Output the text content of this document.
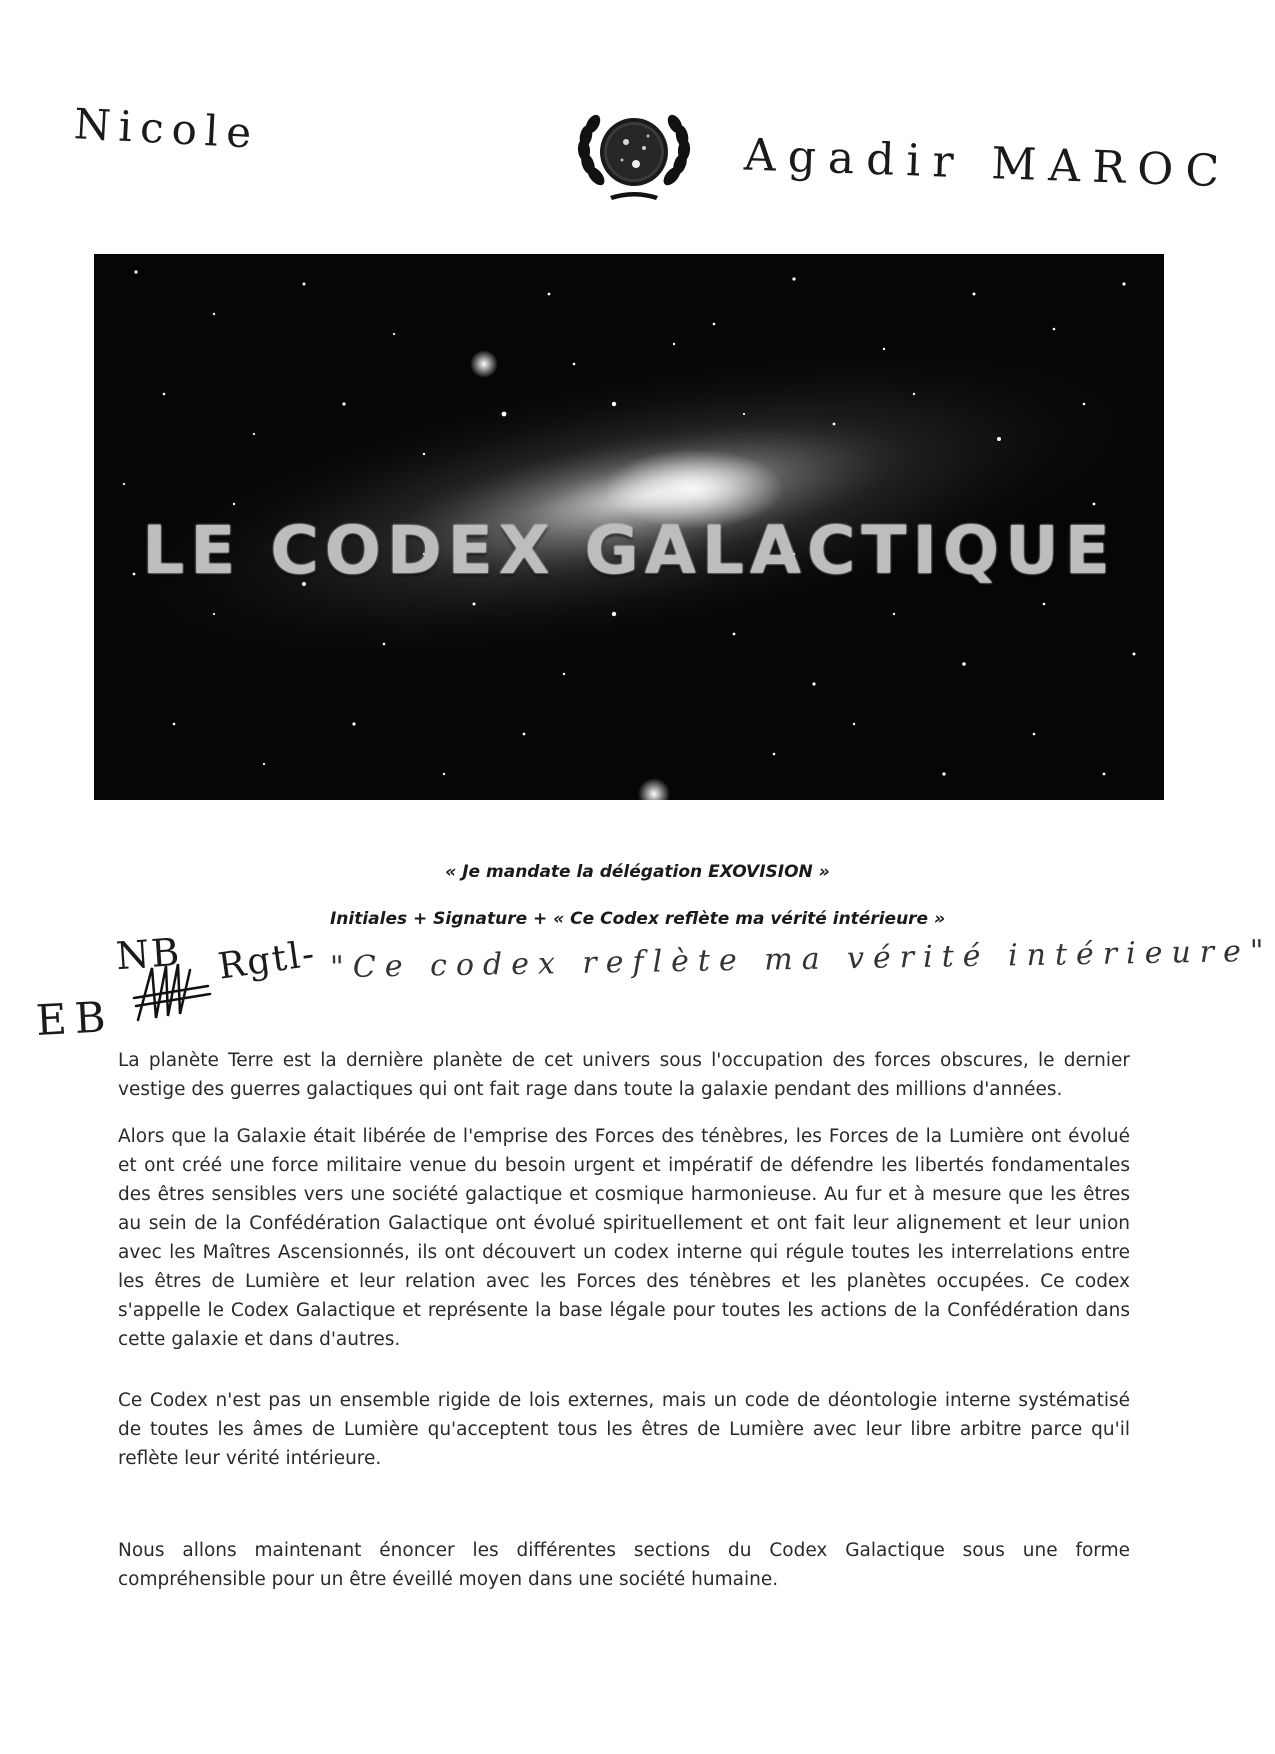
Nicole
Agadir MAROC
LE CODEX GALACTIQUE
« Je mandate la délégation EXOVISION »
Initiales + Signature + « Ce Codex reflète ma vérité intérieure »
NB Rgtl-
EB
"Ce codex reflète ma vérité intérieure"

La planète Terre est la dernière planète de cet univers sous l'occupation des forces obscures, le dernier vestige des guerres galactiques qui ont fait rage dans toute la galaxie pendant des millions d'années.

Alors que la Galaxie était libérée de l'emprise des Forces des ténèbres, les Forces de la Lumière ont évolué et ont créé une force militaire venue du besoin urgent et impératif de défendre les libertés fondamentales des êtres sensibles vers une société galactique et cosmique harmonieuse. Au fur et à mesure que les êtres au sein de la Confédération Galactique ont évolué spirituellement et ont fait leur alignement et leur union avec les Maîtres Ascensionnés, ils ont découvert un codex interne qui régule toutes les interrelations entre les êtres de Lumière et leur relation avec les Forces des ténèbres et les planètes occupées. Ce codex s'appelle le Codex Galactique et représente la base légale pour toutes les actions de la Confédération dans cette galaxie et dans d'autres.

Ce Codex n'est pas un ensemble rigide de lois externes, mais un code de déontologie interne systématisé de toutes les âmes de Lumière qu'acceptent tous les êtres de Lumière avec leur libre arbitre parce qu'il reflète leur vérité intérieure.

Nous allons maintenant énoncer les différentes sections du Codex Galactique sous une forme compréhensible pour un être éveillé moyen dans une société humaine.
